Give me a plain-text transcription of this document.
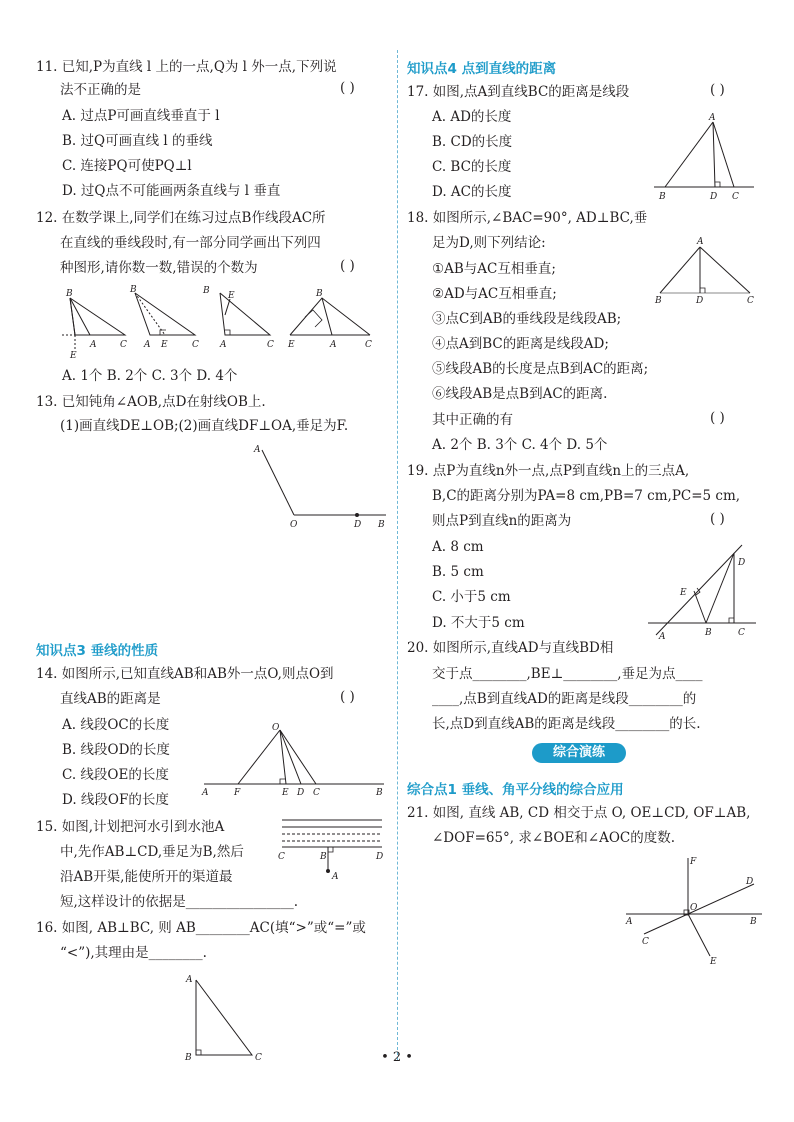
11. 已知,P为直线 l 上的一点,Q为 l 外一点,下列说
法不正确的是	( )
A. 过点P可画直线垂直于 l
B. 过Q可画直线 l 的垂线
C. 连接PQ可使PQ⊥l
D. 过Q点不可能画两条直线与 l 垂直
12. 在数学课上,同学们在练习过点B作线段AC所
在直线的垂线段时,有一部分同学画出下列四
种图形,请你数一数,错误的个数为	( )
B
E
A	C
B
A E	C
B E
A	C
B
E	A	C
A. 1个 B. 2个 C. 3个 D. 4个
13. 已知钝角∠AOB,点D在射线OB上.
(1)画直线DE⊥OB;(2)画直线DF⊥OA,垂足为F.
A
O	D B
知识点3 垂线的性质
14. 如图所示,已知直线AB和AB外一点O,则点O到
直线AB的距离是	( )
A. 线段OC的长度
B. 线段OD的长度
C. 线段OE的长度
D. 线段OF的长度
O
A	F	E D C	B
15. 如图,计划把河水引到水池A
中,先作AB⊥CD,垂足为B,然后
沿AB开渠,能使所开的渠道最
短,这样设计的依据是________________.
C	B	D
A
16. 如图, AB⊥BC, 则 AB________AC(填“>”或“=”或
“<”),其理由是________.
A
B	C
知识点4 点到直线的距离
17. 如图,点A到直线BC的距离是线段	( )
A. AD的长度
B. CD的长度
C. BC的长度
D. AC的长度
A
B	D C
18. 如图所示,∠BAC=90°, AD⊥BC,垂
足为D,则下列结论:
①AB与AC互相垂直;
②AD与AC互相垂直;
③点C到AB的垂线段是线段AB;
④点A到BC的距离是线段AD;
⑤线段AB的长度是点B到AC的距离;
⑥线段AB是点B到AC的距离.
其中正确的有	( )
A. 2个 B. 3个 C. 4个 D. 5个
A
B	D	C
19. 点P为直线n外一点,点P到直线n上的三点A,
B,C的距离分别为PA=8 cm,PB=7 cm,PC=5 cm,
则点P到直线n的距离为	( )
A. 8 cm
B. 5 cm
C. 小于5 cm
D. 不大于5 cm
20. 如图所示,直线AD与直线BD相
交于点________,BE⊥________,垂足为点____
____,点B到直线AD的距离是线段________的
长,点D到直线AB的距离是线段________的长.
D
E
A	B	C
综合演练
综合点1 垂线、角平分线的综合应用
21. 如图, 直线 AB, CD 相交于点 O, OE⊥CD, OF⊥AB,
∠DOF=65°, 求∠BOE和∠AOC的度数.
F
D
O
A	B
C
E
• 2 •
